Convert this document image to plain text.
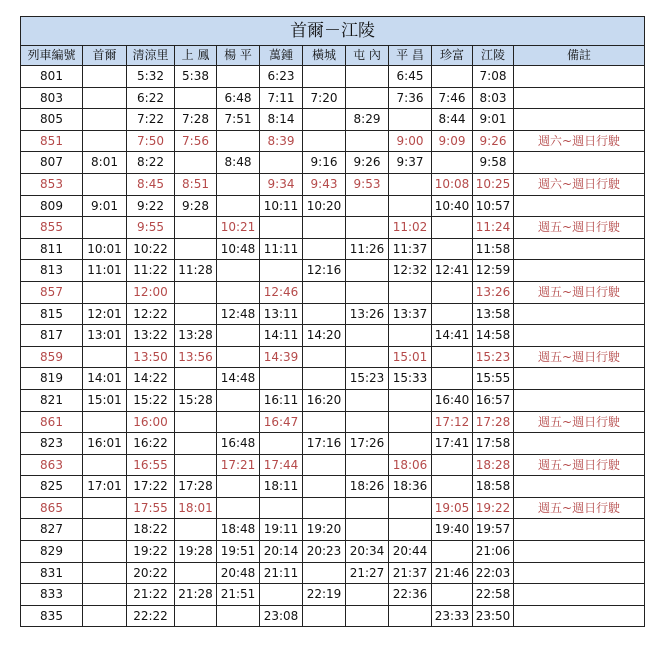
首爾－江陵											
列車編號	首爾	清涼里	上 鳳	楊 平	萬鍾	橫城	屯 內	平 昌	珍富	江陵	備註
801		5:32	5:38		6:23			6:45		7:08	
803		6:22		6:48	7:11	7:20		7:36	7:46	8:03	
805		7:22	7:28	7:51	8:14		8:29		8:44	9:01	
851		7:50	7:56		8:39			9:00	9:09	9:26	週六~週日行駛
807	8:01	8:22		8:48		9:16	9:26	9:37		9:58	
853		8:45	8:51		9:34	9:43	9:53		10:08	10:25	週六~週日行駛
809	9:01	9:22	9:28		10:11	10:20			10:40	10:57	
855		9:55		10:21				11:02		11:24	週五~週日行駛
811	10:01	10:22		10:48	11:11		11:26	11:37		11:58	
813	11:01	11:22	11:28			12:16		12:32	12:41	12:59	
857		12:00			12:46					13:26	週五~週日行駛
815	12:01	12:22		12:48	13:11		13:26	13:37		13:58	
817	13:01	13:22	13:28		14:11	14:20			14:41	14:58	
859		13:50	13:56		14:39			15:01		15:23	週五~週日行駛
819	14:01	14:22		14:48			15:23	15:33		15:55	
821	15:01	15:22	15:28		16:11	16:20			16:40	16:57	
861		16:00			16:47				17:12	17:28	週五~週日行駛
823	16:01	16:22		16:48		17:16	17:26		17:41	17:58	
863		16:55		17:21	17:44			18:06		18:28	週五~週日行駛
825	17:01	17:22	17:28		18:11		18:26	18:36		18:58	
865		17:55	18:01						19:05	19:22	週五~週日行駛
827		18:22		18:48	19:11	19:20			19:40	19:57	
829		19:22	19:28	19:51	20:14	20:23	20:34	20:44		21:06	
831		20:22		20:48	21:11		21:27	21:37	21:46	22:03	
833		21:22	21:28	21:51		22:19		22:36		22:58	
835		22:22			23:08				23:33	23:50	
